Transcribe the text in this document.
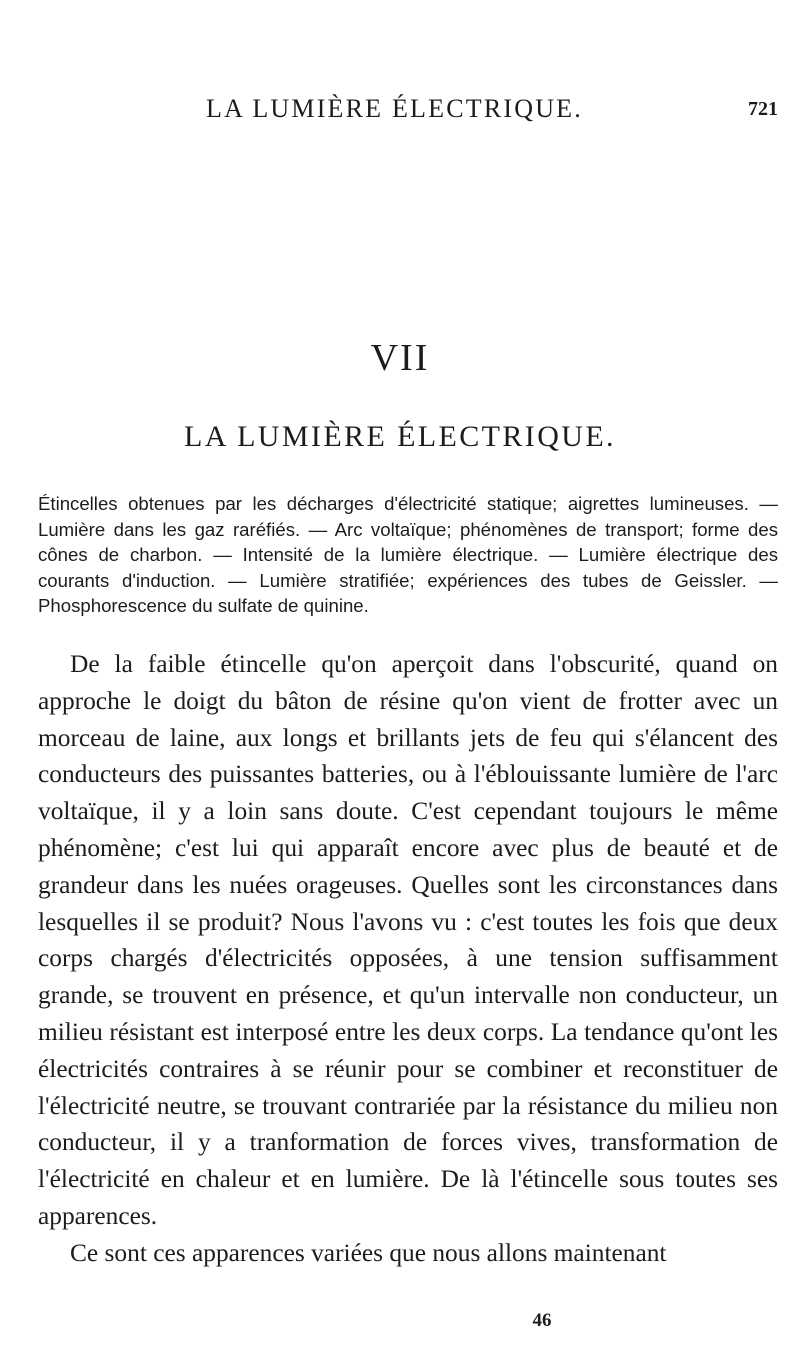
LA LUMIÈRE ÉLECTRIQUE.	721
VII
LA LUMIÈRE ÉLECTRIQUE.

Étincelles obtenues par les décharges d'électricité statique; aigrettes lumineuses. — Lumière dans les gaz raréfiés. — Arc voltaïque; phénomènes de transport; forme des cônes de charbon. — Intensité de la lumière électrique. — Lumière électrique des courants d'induction. — Lumière stratifiée; expériences des tubes de Geissler. — Phosphorescence du sulfate de quinine.

De la faible étincelle qu'on aperçoit dans l'obscurité, quand on approche le doigt du bâton de résine qu'on vient de frotter avec un morceau de laine, aux longs et brillants jets de feu qui s'élancent des conducteurs des puissantes batteries, ou à l'éblouissante lumière de l'arc voltaïque, il y a loin sans doute. C'est cependant toujours le même phénomène; c'est lui qui apparaît encore avec plus de beauté et de grandeur dans les nuées orageuses. Quelles sont les circonstances dans lesquelles il se produit? Nous l'avons vu : c'est toutes les fois que deux corps chargés d'électricités opposées, à une tension suffisamment grande, se trouvent en présence, et qu'un intervalle non conducteur, un milieu résistant est interposé entre les deux corps. La tendance qu'ont les électricités contraires à se réunir pour se combiner et reconstituer de l'électricité neutre, se trouvant contrariée par la résistance du milieu non conducteur, il y a tranformation de forces vives, transformation de l'électricité en chaleur et en lumière. De là l'étincelle sous toutes ses apparences.

Ce sont ces apparences variées que nous allons maintenant

46
